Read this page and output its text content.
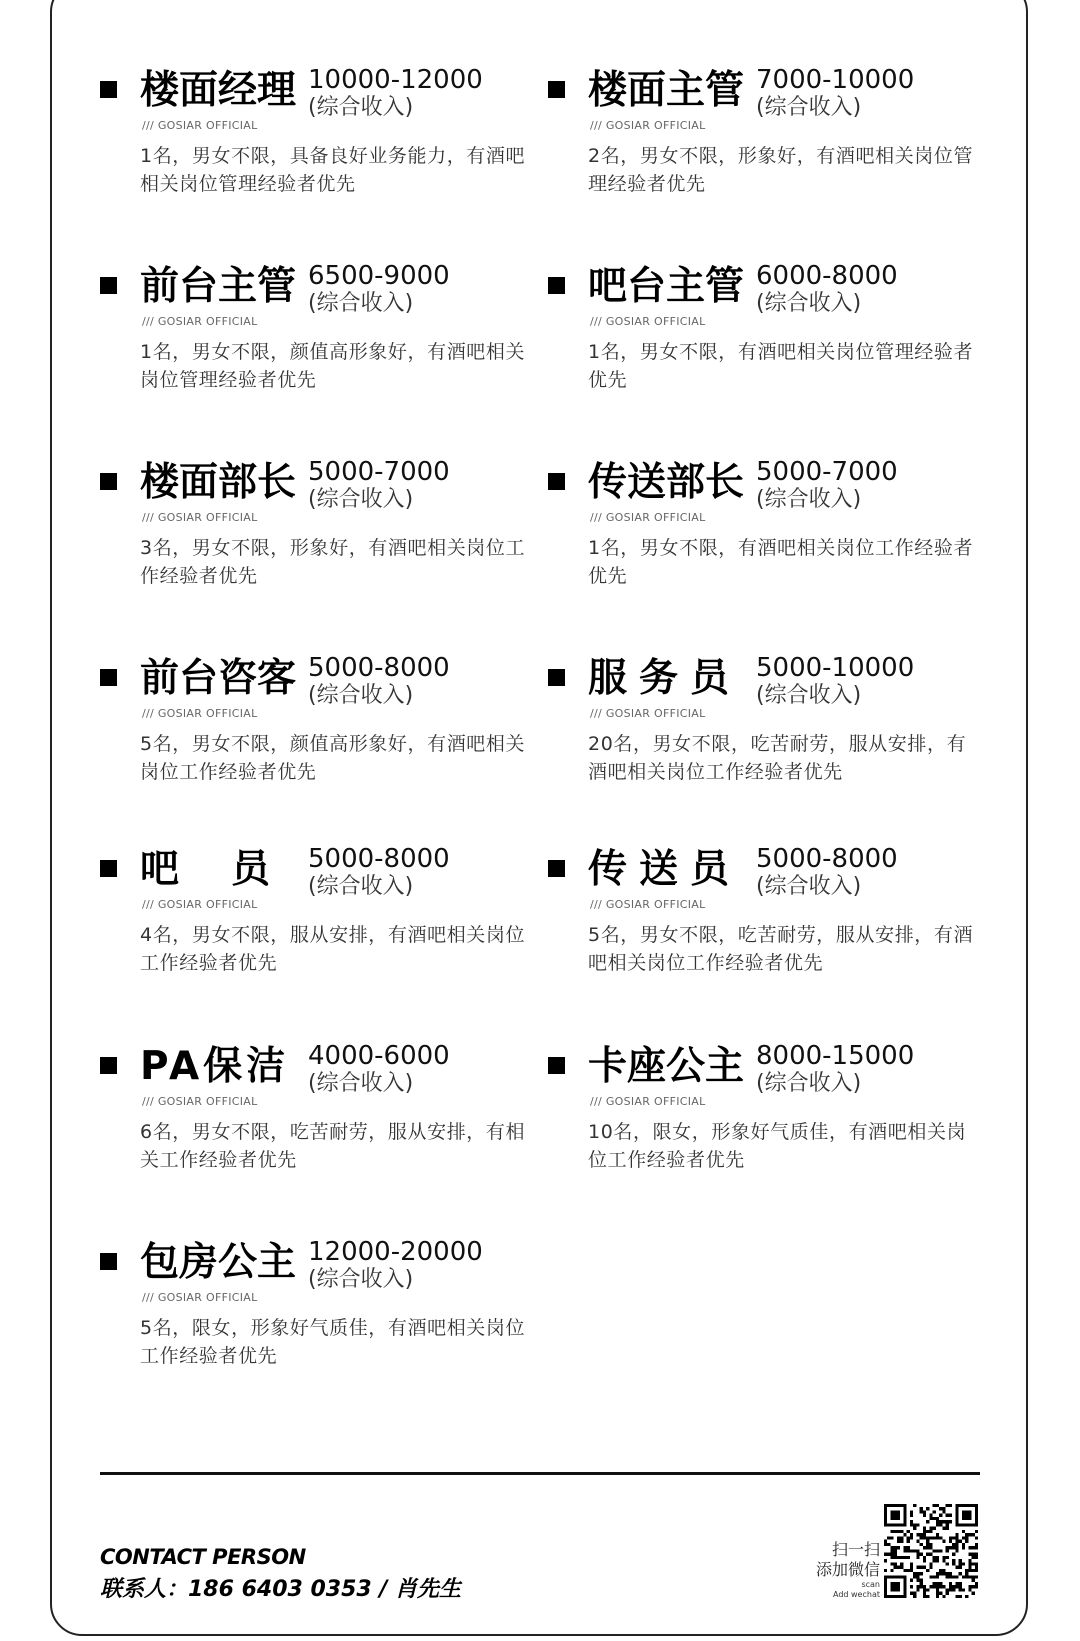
楼面经理 10000-12000
(综合收入)
/// GOSIAR OFFICIAL
1名，男女不限，具备良好业务能力，有酒吧相关岗位管理经验者优先
楼面主管 7000-10000
(综合收入)
/// GOSIAR OFFICIAL
2名，男女不限，形象好，有酒吧相关岗位管理经验者优先
前台主管 6500-9000
(综合收入)
/// GOSIAR OFFICIAL
1名，男女不限，颜值高形象好，有酒吧相关岗位管理经验者优先
吧台主管 6000-8000
(综合收入)
/// GOSIAR OFFICIAL
1名，男女不限，有酒吧相关岗位管理经验者优先
楼面部长 5000-7000
(综合收入)
/// GOSIAR OFFICIAL
3名，男女不限，形象好，有酒吧相关岗位工作经验者优先
传送部长 5000-7000
(综合收入)
/// GOSIAR OFFICIAL
1名，男女不限，有酒吧相关岗位工作经验者优先
前台咨客 5000-8000
(综合收入)
/// GOSIAR OFFICIAL
5名，男女不限，颜值高形象好，有酒吧相关岗位工作经验者优先
服务员 5000-10000
(综合收入)
/// GOSIAR OFFICIAL
20名，男女不限，吃苦耐劳，服从安排，有酒吧相关岗位工作经验者优先
吧 员 5000-8000
(综合收入)
/// GOSIAR OFFICIAL
4名，男女不限，服从安排，有酒吧相关岗位工作经验者优先
传送员 5000-8000
(综合收入)
/// GOSIAR OFFICIAL
5名，男女不限，吃苦耐劳，服从安排，有酒吧相关岗位工作经验者优先
PA保洁 4000-6000
(综合收入)
/// GOSIAR OFFICIAL
6名，男女不限，吃苦耐劳，服从安排，有相关工作经验者优先
卡座公主 8000-15000
(综合收入)
/// GOSIAR OFFICIAL
10名，限女，形象好气质佳，有酒吧相关岗位工作经验者优先
包房公主 12000-20000
(综合收入)
/// GOSIAR OFFICIAL
5名，限女，形象好气质佳，有酒吧相关岗位工作经验者优先
CONTACT PERSON
联系人：186 6403 0353 / 肖先生
扫一扫
添加微信
scan
Add wechat
